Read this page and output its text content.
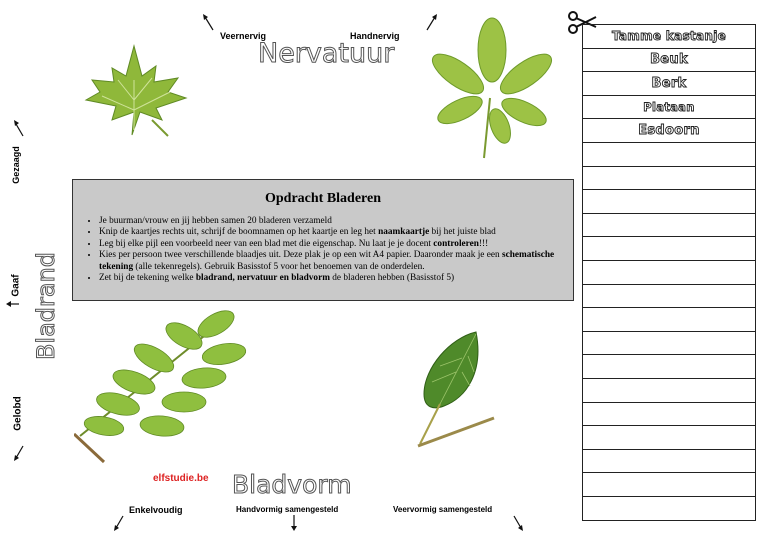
Tamme kastanje
Beuk
Berk
Plataan
Esdoorn
Veernervig	Handnervig
Nervatuur
Gezaagd
Gaaf Bladrand
Gelobd
Bladvorm
Enkelvoudig	Handvormig samengesteld	Veervormig samengesteld
elfstudie.be
Opdracht Bladeren
• Je buurman/vrouw en jij hebben samen 20 bladeren verzameld
• Knip de kaartjes rechts uit, schrijf de boomnamen op het kaartje en leg het naamkaartje bij het juiste blad
• Leg bij elke pijl een voorbeeld neer van een blad met die eigenschap. Nu laat je je docent controleren!!!
• Kies per persoon twee verschillende blaadjes uit. Deze plak je op een wit A4 papier. Daaronder maak je een schematische tekening (alle tekenregels). Gebruik Basisstof 5 voor het benoemen van de onderdelen.
• Zet bij de tekening welke bladrand, nervatuur en bladvorm de bladeren hebben (Basisstof 5)
